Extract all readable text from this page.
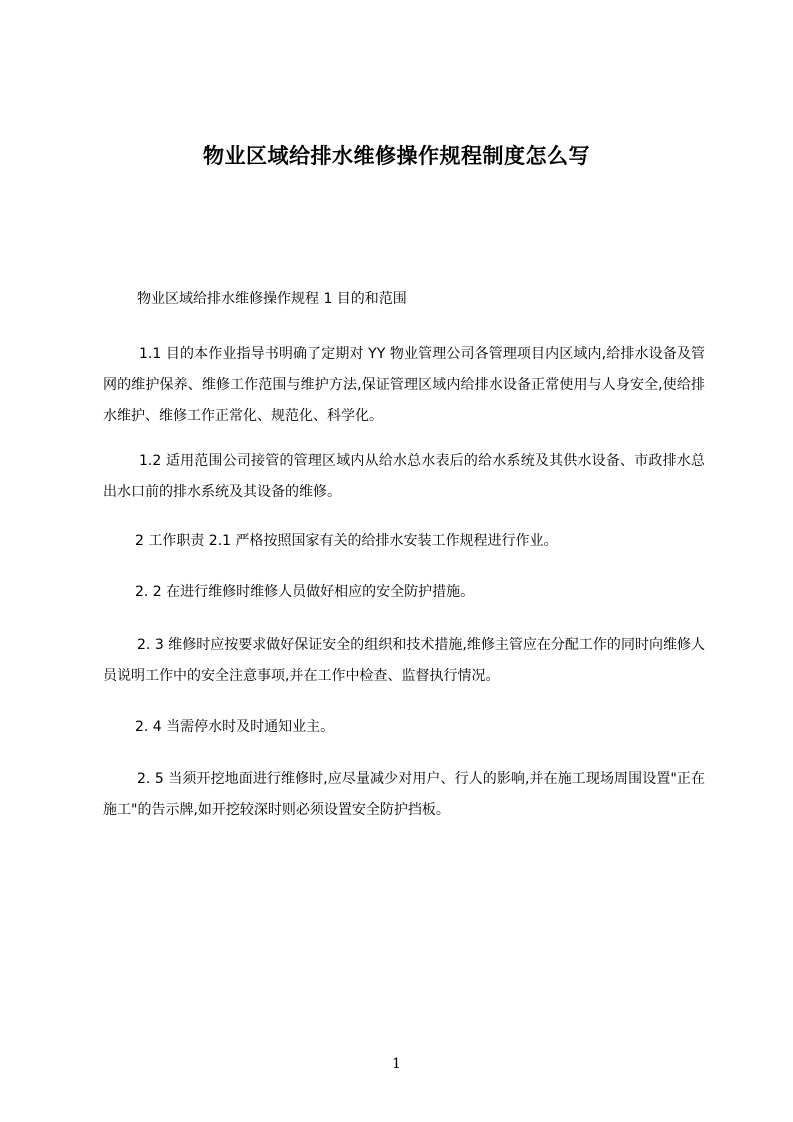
物业区域给排水维修操作规程制度怎么写

物业区域给排水维修操作规程 1 目的和范围

1.1 目的本作业指导书明确了定期对 YY 物业管理公司各管理项目内区域内,给排水设备及管网的维护保养、维修工作范围与维护方法,保证管理区域内给排水设备正常使用与人身安全,使给排水维护、维修工作正常化、规范化、科学化。

1.2 适用范围公司接管的管理区域内从给水总水表后的给水系统及其供水设备、市政排水总出水口前的排水系统及其设备的维修。

2 工作职责 2.1 严格按照国家有关的给排水安装工作规程进行作业。

2. 2 在进行维修时维修人员做好相应的安全防护措施。

2. 3 维修时应按要求做好保证安全的组织和技术措施,维修主管应在分配工作的同时向维修人员说明工作中的安全注意事项,并在工作中检查、监督执行情况。

2. 4 当需停水时及时通知业主。

2. 5 当须开挖地面进行维修时,应尽量减少对用户、行人的影响,并在施工现场周围设置"正在施工"的告示牌,如开挖较深时则必须设置安全防护挡板。

1
